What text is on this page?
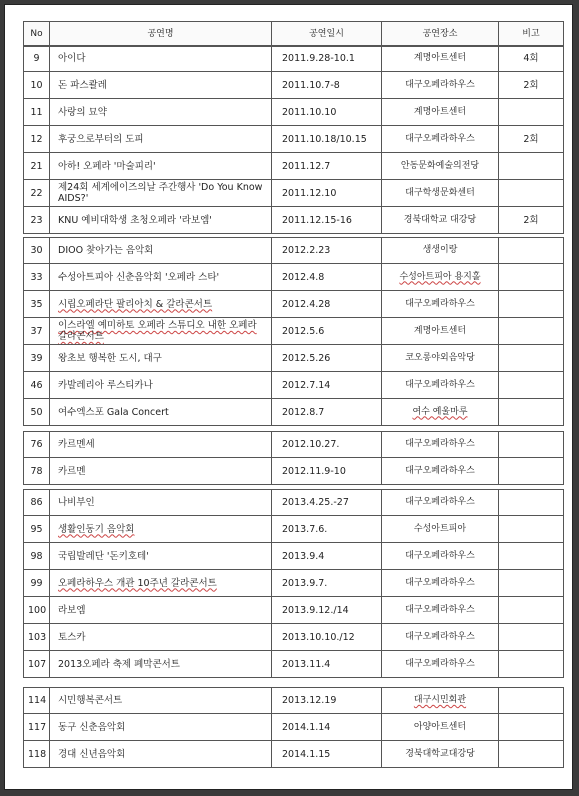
No	공연명	공연일시	공연장소	비고
9	아이다	2011.9.28-10.1	계명아트센터	4회
10	돈 파스콸레	2011.10.7-8	대구오페라하우스	2회
11	사랑의 묘약	2011.10.10	계명아트센터	
12	후궁으로부터의 도피	2011.10.18/10.15	대구오페라하우스	2회
21	아하! 오페라 '마술피리'	2011.12.7	안동문화예술의전당	
22	제24회 세계에이즈의날 주간행사 'Do You Know AIDS?'	2011.12.10	대구학생문화센터	
23	KNU 예비대학생 초청오페라 '라보엠'	2011.12.15-16	경북대학교 대강당	2회
30	DIOO 찾아가는 음악회	2012.2.23	생생이랑	
33	수성아트피아 신춘음악회 '오페라 스타'	2012.4.8	수성아트피아 용지홀	
35	시립오페라단 팔리아치 & 갈라콘서트	2012.4.28	대구오페라하우스	
37	이스라엘 예미하토 오페라 스튜디오 내한 오페라 갈라콘서트	2012.5.6	계명아트센터	
39	왕초보 행복한 도시, 대구	2012.5.26	코오롱야외음악당	
46	카발레리아 루스티카나	2012.7.14	대구오페라하우스	
50	여수엑스포 Gala Concert	2012.8.7	여수 예울마루	
76	카르멘세	2012.10.27.	대구오페라하우스	
78	카르멘	2012.11.9-10	대구오페라하우스	
86	나비부인	2013.4.25.-27	대구오페라하우스	
95	생활인동기 음악회	2013.7.6.	수성아트피아	
98	국립발레단 '돈키호테'	2013.9.4	대구오페라하우스	
99	오페라하우스 개관 10주년 갈라콘서트	2013.9.7.	대구오페라하우스	
100	라보엠	2013.9.12./14	대구오페라하우스	
103	토스카	2013.10.10./12	대구오페라하우스	
107	2013오페라 축제 폐막콘서트	2013.11.4	대구오페라하우스	
114	시민행복콘서트	2013.12.19	대구시민회관	
117	동구 신춘음악회	2014.1.14	아양아트센터	
118	경대 신년음악회	2014.1.15	경북대학교대강당	
